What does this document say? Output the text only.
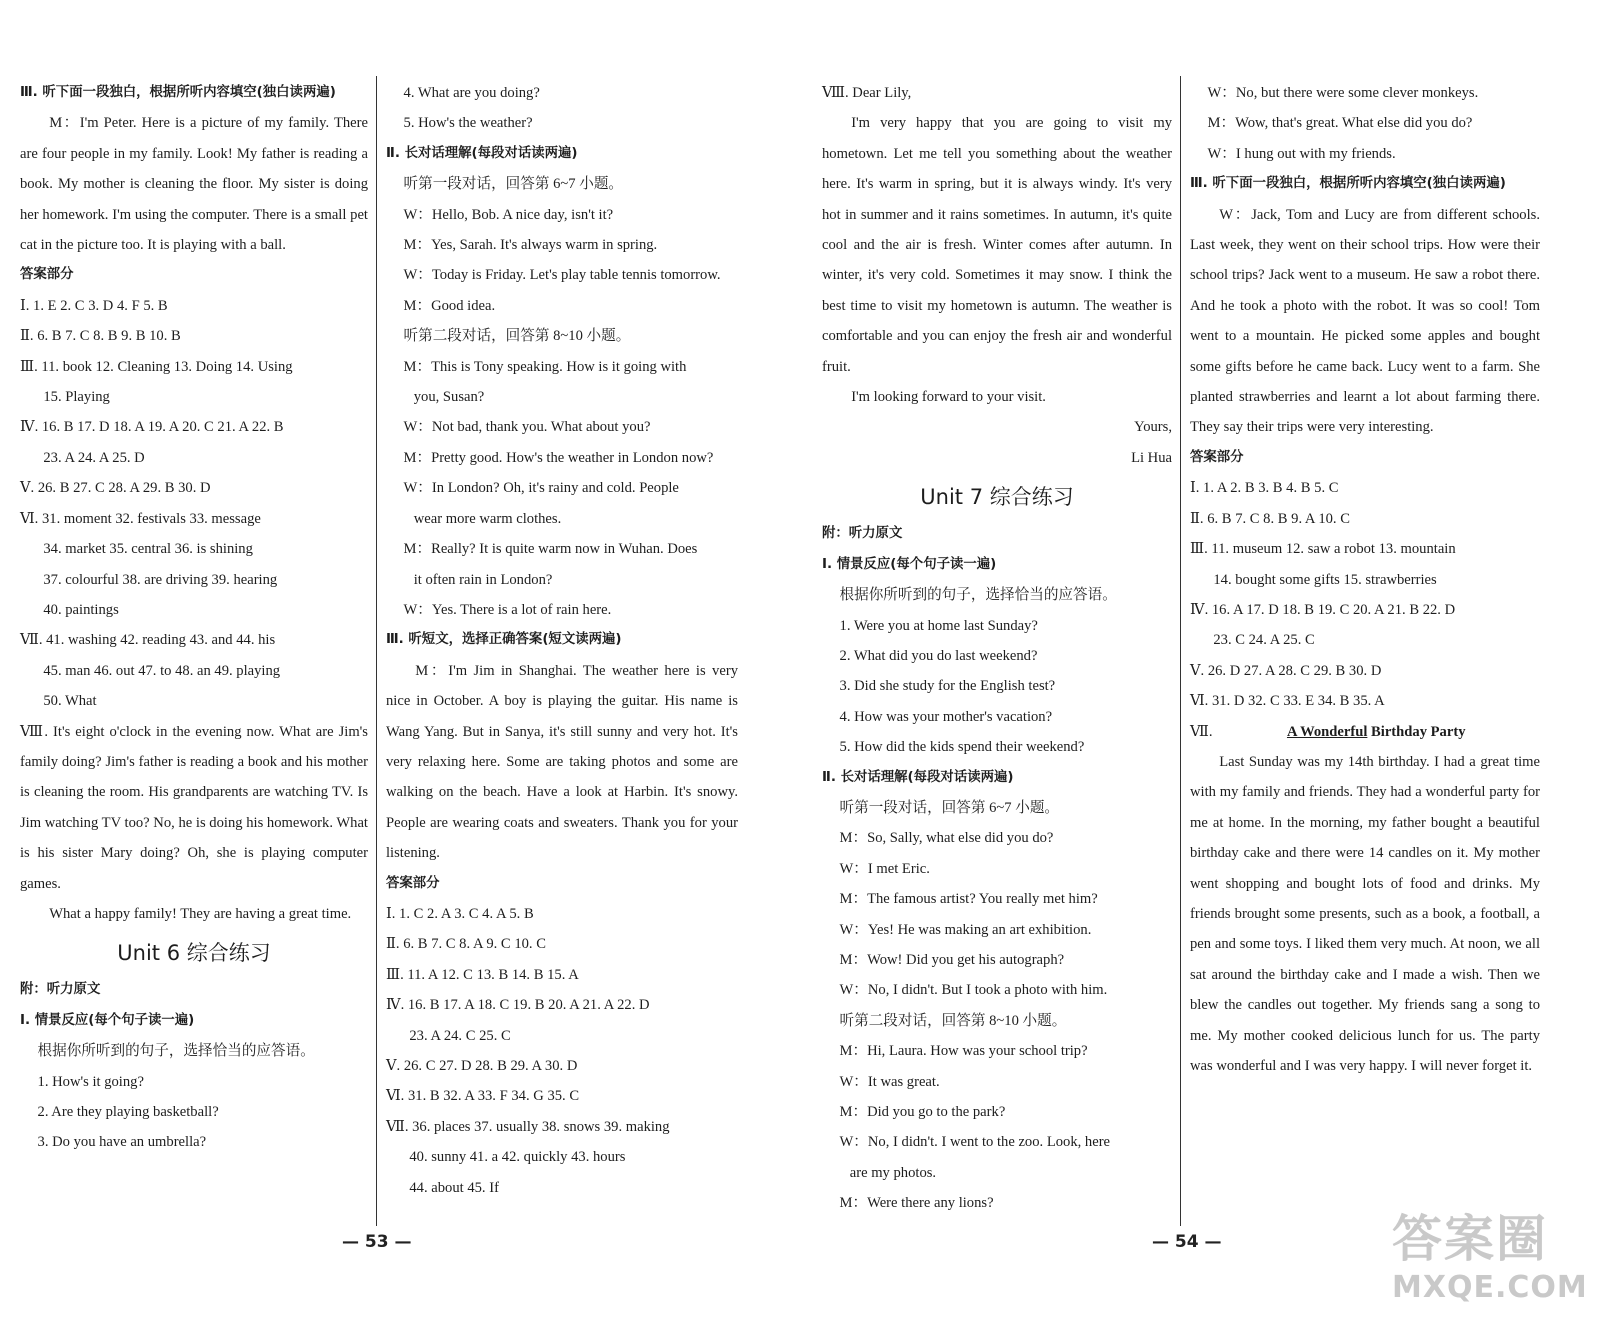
Ⅲ. 听下面一段独白，根据所听内容填空(独白读两遍)

M：I'm Peter. Here is a picture of my family. There are four people in my family. Look! My father is reading a book. My mother is cleaning the floor. My sister is doing her homework. I'm using the computer. There is a small pet cat in the picture too. It is playing with a ball.

答案部分

Ⅰ. 1. E 2. C 3. D 4. F 5. B

Ⅱ. 6. B 7. C 8. B 9. B 10. B

Ⅲ. 11. book 12. Cleaning 13. Doing 14. Using

15. Playing

Ⅳ. 16. B 17. D 18. A 19. A 20. C 21. A 22. B

23. A 24. A 25. D

Ⅴ. 26. B 27. C 28. A 29. B 30. D

Ⅵ. 31. moment 32. festivals 33. message

34. market 35. central 36. is shining

37. colourful 38. are driving 39. hearing

40. paintings

Ⅶ. 41. washing 42. reading 43. and 44. his

45. man 46. out 47. to 48. an 49. playing

50. What

Ⅷ. It's eight o'clock in the evening now. What are Jim's family doing? Jim's father is reading a book and his mother is cleaning the room. His grandparents are watching TV. Is Jim watching TV too? No, he is doing his homework. What is his sister Mary doing? Oh, she is playing computer games.

What a happy family! They are having a great time.

Unit 6 综合练习

附：听力原文

Ⅰ. 情景反应(每个句子读一遍)

根据你所听到的句子，选择恰当的应答语。

1. How's it going?

2. Are they playing basketball?

3. Do you have an umbrella?

4. What are you doing?

5. How's the weather?

Ⅱ. 长对话理解(每段对话读两遍)

听第一段对话，回答第 6~7 小题。

W：Hello, Bob. A nice day, isn't it?

M：Yes, Sarah. It's always warm in spring.

W：Today is Friday. Let's play table tennis tomorrow.

M：Good idea.

听第二段对话，回答第 8~10 小题。

M：This is Tony speaking. How is it going with

you, Susan?

W：Not bad, thank you. What about you?

M：Pretty good. How's the weather in London now?

W：In London? Oh, it's rainy and cold. People

wear more warm clothes.

M：Really? It is quite warm now in Wuhan. Does

it often rain in London?

W：Yes. There is a lot of rain here.

Ⅲ. 听短文，选择正确答案(短文读两遍)

M：I'm Jim in Shanghai. The weather here is very nice in October. A boy is playing the guitar. His name is Wang Yang. But in Sanya, it's still sunny and very hot. It's very relaxing here. Some are taking photos and some are walking on the beach. Have a look at Harbin. It's snowy. People are wearing coats and sweaters. Thank you for your listening.

答案部分

Ⅰ. 1. C 2. A 3. C 4. A 5. B

Ⅱ. 6. B 7. C 8. A 9. C 10. C

Ⅲ. 11. A 12. C 13. B 14. B 15. A

Ⅳ. 16. B 17. A 18. C 19. B 20. A 21. A 22. D

23. A 24. C 25. C

Ⅴ. 26. C 27. D 28. B 29. A 30. D

Ⅵ. 31. B 32. A 33. F 34. G 35. C

Ⅶ. 36. places 37. usually 38. snows 39. making

40. sunny 41. a 42. quickly 43. hours

44. about 45. If

— 53 —

Ⅷ. Dear Lily,

I'm very happy that you are going to visit my hometown. Let me tell you something about the weather here. It's warm in spring, but it is always windy. It's very hot in summer and it rains sometimes. In autumn, it's quite cool and the air is fresh. Winter comes after autumn. In winter, it's very cold. Sometimes it may snow. I think the best time to visit my hometown is autumn. The weather is comfortable and you can enjoy the fresh air and wonderful fruit.

I'm looking forward to your visit.

Yours,

Li Hua

Unit 7 综合练习

附：听力原文

Ⅰ. 情景反应(每个句子读一遍)

根据你所听到的句子，选择恰当的应答语。

1. Were you at home last Sunday?

2. What did you do last weekend?

3. Did she study for the English test?

4. How was your mother's vacation?

5. How did the kids spend their weekend?

Ⅱ. 长对话理解(每段对话读两遍)

听第一段对话，回答第 6~7 小题。

M：So, Sally, what else did you do?

W：I met Eric.

M：The famous artist? You really met him?

W：Yes! He was making an art exhibition.

M：Wow! Did you get his autograph?

W：No, I didn't. But I took a photo with him.

听第二段对话，回答第 8~10 小题。

M：Hi, Laura. How was your school trip?

W：It was great.

M：Did you go to the park?

W：No, I didn't. I went to the zoo. Look, here

are my photos.

M：Were there any lions?

W：No, but there were some clever monkeys.

M：Wow, that's great. What else did you do?

W：I hung out with my friends.

Ⅲ. 听下面一段独白，根据所听内容填空(独白读两遍)

W：Jack, Tom and Lucy are from different schools. Last week, they went on their school trips. How were their school trips? Jack went to a museum. He saw a robot there. And he took a photo with the robot. It was so cool! Tom went to a mountain. He picked some apples and bought some gifts before he came back. Lucy went to a farm. She planted strawberries and learnt a lot about farming there. They say their trips were very interesting.

答案部分

Ⅰ. 1. A 2. B 3. B 4. B 5. C

Ⅱ. 6. B 7. C 8. B 9. A 10. C

Ⅲ. 11. museum 12. saw a robot 13. mountain

14. bought some gifts 15. strawberries

Ⅳ. 16. A 17. D 18. B 19. C 20. A 21. B 22. D

23. C 24. A 25. C

Ⅴ. 26. D 27. A 28. C 29. B 30. D

Ⅵ. 31. D 32. C 33. E 34. B 35. A

Ⅶ.	A Wonderful Birthday Party

Last Sunday was my 14th birthday. I had a great time with my family and friends. They had a wonderful party for me at home. In the morning, my father bought a beautiful birthday cake and there were 14 candles on it. My mother went shopping and bought lots of food and drinks. My friends brought some presents, such as a book, a football, a pen and some toys. I liked them very much. At noon, we all sat around the birthday cake and I made a wish. Then we blew the candles out together. My friends sang a song to me. My mother cooked delicious lunch for us. The party was wonderful and I was very happy. I will never forget it.

— 54 —	答案圈
MXQE.COM
